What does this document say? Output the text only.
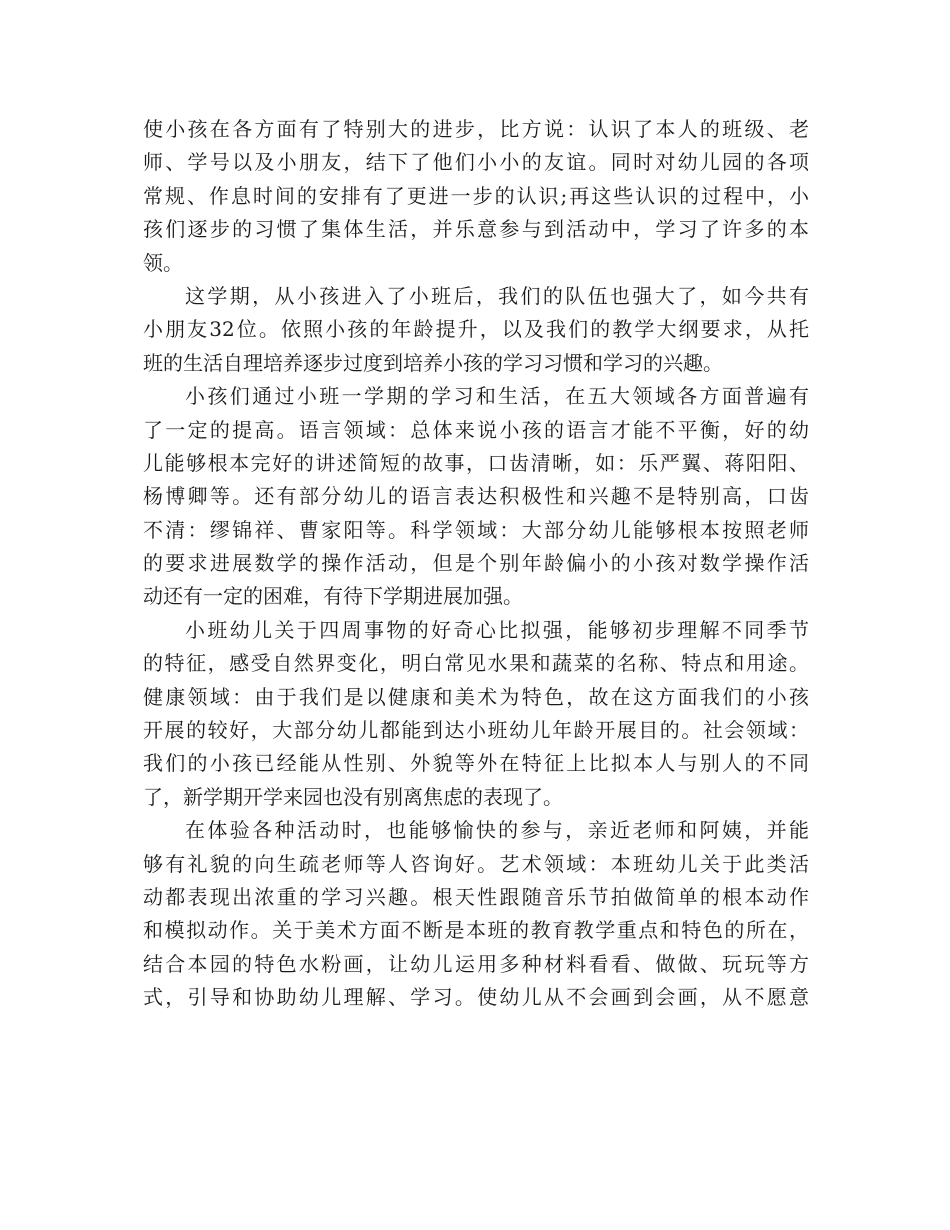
使小孩在各方面有了特别大的进步，比方说：认识了本人的班级、老
师、学号以及小朋友，结下了他们小小的友谊。同时对幼儿园的各项
常规、作息时间的安排有了更进一步的认识;再这些认识的过程中，小
孩们逐步的习惯了集体生活，并乐意参与到活动中，学习了许多的本
领。
这学期，从小孩进入了小班后，我们的队伍也强大了，如今共有
小朋友32位。依照小孩的年龄提升，以及我们的教学大纲要求，从托
班的生活自理培养逐步过度到培养小孩的学习习惯和学习的兴趣。
小孩们通过小班一学期的学习和生活，在五大领域各方面普遍有
了一定的提高。语言领域：总体来说小孩的语言才能不平衡，好的幼
儿能够根本完好的讲述简短的故事，口齿清晰，如：乐严翼、蒋阳阳、
杨博卿等。还有部分幼儿的语言表达积极性和兴趣不是特别高，口齿
不清：缪锦祥、曹家阳等。科学领域：大部分幼儿能够根本按照老师
的要求进展数学的操作活动，但是个别年龄偏小的小孩对数学操作活
动还有一定的困难，有待下学期进展加强。
小班幼儿关于四周事物的好奇心比拟强，能够初步理解不同季节
的特征，感受自然界变化，明白常见水果和蔬菜的名称、特点和用途。
健康领域：由于我们是以健康和美术为特色，故在这方面我们的小孩
开展的较好，大部分幼儿都能到达小班幼儿年龄开展目的。社会领域：
我们的小孩已经能从性别、外貌等外在特征上比拟本人与别人的不同
了，新学期开学来园也没有别离焦虑的表现了。
在体验各种活动时，也能够愉快的参与，亲近老师和阿姨，并能
够有礼貌的向生疏老师等人咨询好。艺术领域：本班幼儿关于此类活
动都表现出浓重的学习兴趣。根天性跟随音乐节拍做简单的根本动作
和模拟动作。关于美术方面不断是本班的教育教学重点和特色的所在，
结合本园的特色水粉画，让幼儿运用多种材料看看、做做、玩玩等方
式，引导和协助幼儿理解、学习。使幼儿从不会画到会画，从不愿意
